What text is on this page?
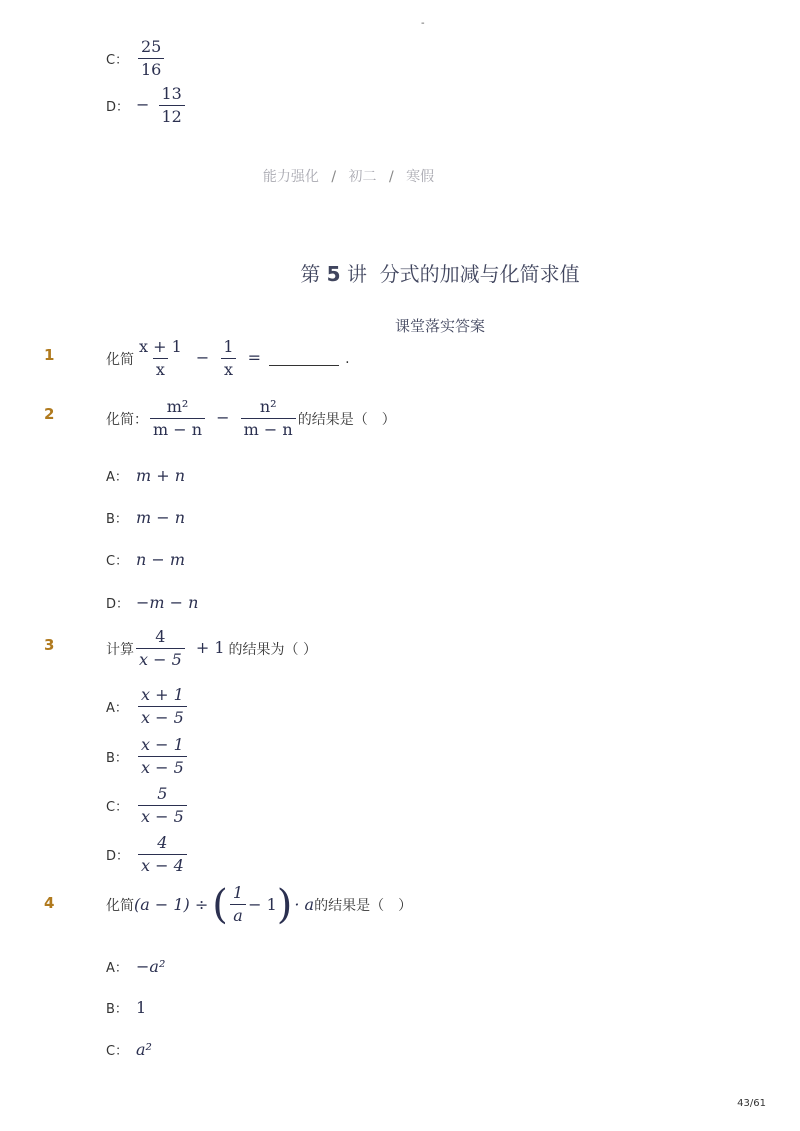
-
C： $\frac{25}{16}$
D： − $\frac{13}{12}$
能力强化 / 初二 / 寒假
第 5 讲 分式的加减与化简求值
课堂落实答案
1	化简 $\frac{x + 1}{x} - \frac{1}{x}$ =	.
2	化简： $\frac{\text{m²}}{m - n} - \frac{\text{n²}}{m - n}$ 的结果是（　）
A： m + n
B： m − n
C： n − m
D： −m − n
3	计算 $\frac{4}{x - 5} + 1$ 的结果为（ ）
A： $\frac{x + 1}{x - 5}$
B： $\frac{x - 1}{x - 5}$
C： $\frac{5}{x - 5}$
D： $\frac{4}{x - 4}$
4	化简 (a − 1) ÷ ( $\frac{1}{a} - 1$ ) · a 的结果是（　）
A： −a²
B： 1
C： a²
43/61
